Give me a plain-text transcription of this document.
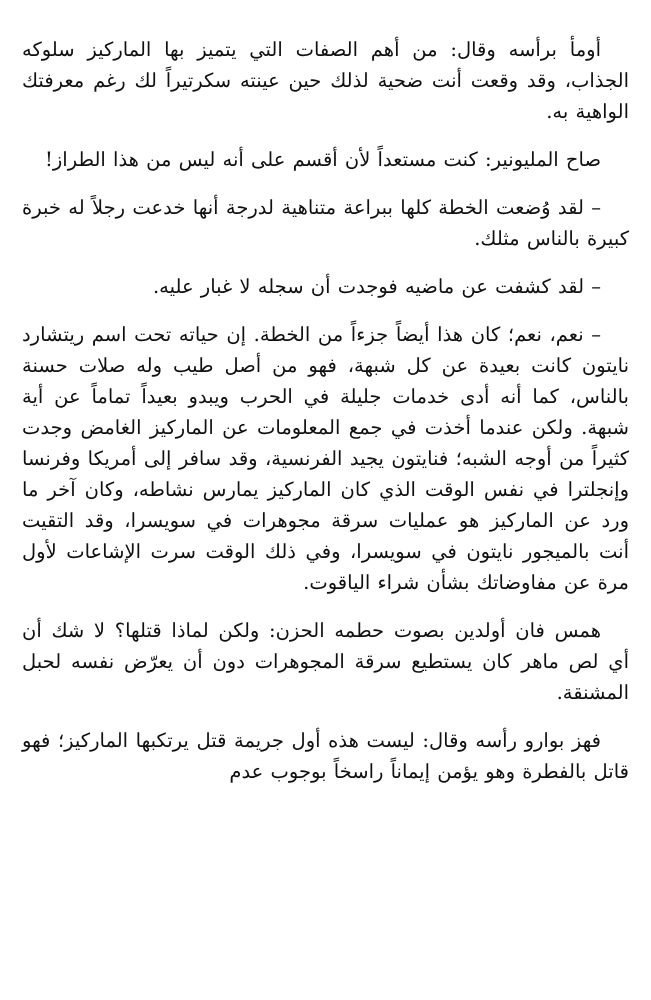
أومأ برأسه وقال: من أهم الصفات التي يتميز بها الماركيز سلوكه الجذاب، وقد وقعت أنت ضحية لذلك حين عينته سكرتيراً لك رغم معرفتك الواهية به.

صاح المليونير: كنت مستعداً لأن أقسم على أنه ليس من هذا الطراز!

– لقد وُضعت الخطة كلها ببراعة متناهية لدرجة أنها خدعت رجلاً له خبرة كبيرة بالناس مثلك.

– لقد كشفت عن ماضيه فوجدت أن سجله لا غبار عليه.

– نعم، نعم؛ كان هذا أيضاً جزءاً من الخطة. إن حياته تحت اسم ريتشارد نايتون كانت بعيدة عن كل شبهة، فهو من أصل طيب وله صلات حسنة بالناس، كما أنه أدى خدمات جليلة في الحرب ويبدو بعيداً تماماً عن أية شبهة. ولكن عندما أخذت في جمع المعلومات عن الماركيز الغامض وجدت كثيراً من أوجه الشبه؛ فنايتون يجيد الفرنسية، وقد سافر إلى أمريكا وفرنسا وإنجلترا في نفس الوقت الذي كان الماركيز يمارس نشاطه، وكان آخر ما ورد عن الماركيز هو عمليات سرقة مجوهرات في سويسرا، وقد التقيت أنت بالميجور نايتون في سويسرا، وفي ذلك الوقت سرت الإشاعات لأول مرة عن مفاوضاتك بشأن شراء الياقوت.

همس فان أولدين بصوت حطمه الحزن: ولكن لماذا قتلها؟ لا شك أن أي لص ماهر كان يستطيع سرقة المجوهرات دون أن يعرّض نفسه لحبل المشنقة.

فهز بوارو رأسه وقال: ليست هذه أول جريمة قتل يرتكبها الماركيز؛ فهو قاتل بالفطرة وهو يؤمن إيماناً راسخاً بوجوب عدم
